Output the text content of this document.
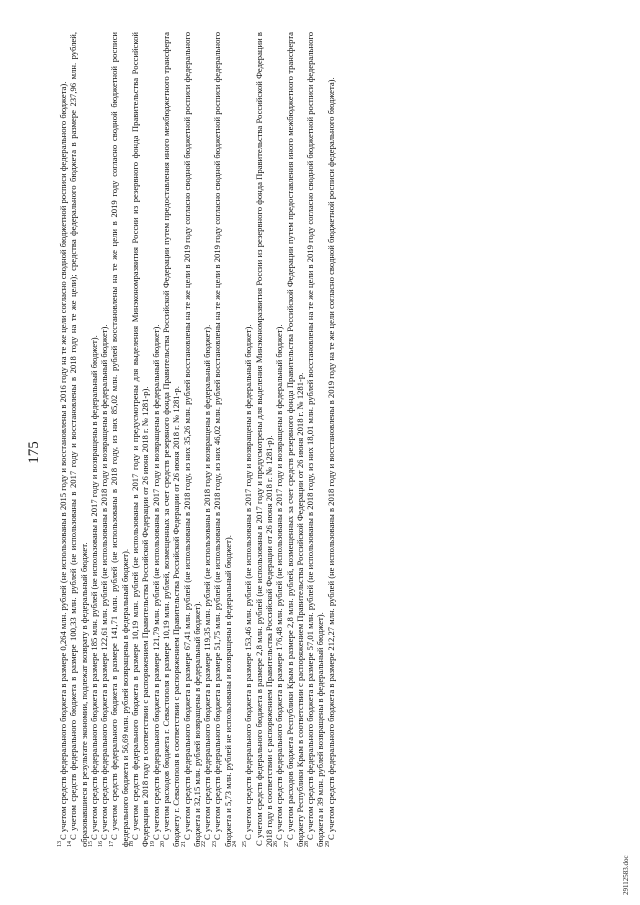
175

$^{13}$С учетом средств федерального бюджета в размере 0,264 млн. рублей (не использованы в 2015 году и восстановлены в 2016 году на те же цели согласно сводной бюджетной росписи федерального бюджета).

$^{14}$С учетом средств федерального бюджета в размере 100,33 млн. рублей (не использованы в 2017 году и восстановлены в 2018 году на те же цели); средства федерального бюджета в размере 237,96 млн. рублей, образовавшиеся в результате экономии, подлежат возврату в федеральный бюджет. $^{15}$С учетом средств федерального бюджета в размере 185 млн. рублей (не использованы в 2017 году и возвращены в федеральный бюджет).

$^{16}$С учетом средств федерального бюджета в размере 122,61 млн. рублей (не использованы в 2018 году и возвращены в федеральный бюджет).

$^{17}$С учетом средств федерального бюджета в размере 141,71 млн. рублей (не использованы в 2018 году, из них 85,02 млн. рублей восстановлены на те же цели в 2019 году согласно сводной бюджетной росписи федерального бюджета и 56,69 млн. рублей возвращены в федеральный бюджет). $^{18}$С учетом средств федерального бюджета в размере 10,19 млн. рублей (не использованы в 2017 году и предусмотрены для выделения Минэкономразвития России из резервного фонда Правительства Российской Федерации в 2018 году в соответствии с распоряжением Правительства Российской Федерации от 26 июня 2018 г. № 1281-р). $^{19}$С учетом средств федерального бюджета в размере 121,79 млн. рублей (не использованы в 2017 году и возвращены в федеральный бюджет).

$^{20}$С учетом расходов бюджета г. Севастополя в размере 10,19 млн. рублей, возмещенных за счет средств резервного фонда Правительства Российской Федерации путем предоставления иного межбюджетного трансферта бюджету г. Севастополя в соответствии с распоряжением Правительства Российской Федерации от 26 июня 2018 г. № 1281-р. $^{21}$С учетом средств федерального бюджета в размере 67,41 млн. рублей (не использованы в 2018 году, из них 35,26 млн. рублей восстановлены на те же цели в 2019 году согласно сводной бюджетной росписи федерального бюджета и 32,15 млн. рублей возвращены в федеральный бюджет). $^{22}$С учетом средств федерального бюджета в размере 119,35 млн. рублей (не использованы в 2018 году и возвращены в федеральный бюджет).

$^{23}$С учетом средств федерального бюджета в размере 51,75 млн. рублей (не использованы в 2018 году, из них 46,02 млн. рублей восстановлены на те же цели в 2019 году согласно сводной бюджетной росписи федерального бюджета и 5,73 млн. рублей не использованы и возвращены в федеральный бюджет). $^{24}$ $^{25}$С учетом средств федерального бюджета в размере 153,46 млн. рублей (не использованы в 2017 году и возвращены в федеральный бюджет). С учетом средств федерального бюджета в размере 2,8 млн. рублей (не использованы в 2017 году и предусмотрены для выделения Минэкономразвития России из резервного фонда Правительства Российской Федерации в 2018 году в соответствии с распоряжением Правительства Российской Федерации от 26 июня 2018 г. № 1281-р). $^{26}$С учетом средств федерального бюджета в размере 176,48 млн. рублей (не использованы в 2017 году и возвращены в федеральный бюджет).

$^{27}$С учетом расходов бюджета Республики Крым в размере 2,8 млн. рублей, возмещенных за счет средств резервного фонда Правительства Российской Федерации путем предоставления иного межбюджетного трансферта бюджету Республики Крым в соответствии с распоряжением Правительства Российской Федерации от 26 июня 2018 г. № 1281-р. $^{28}$С учетом средств федерального бюджета в размере 57,01 млн. рублей (не использованы в 2018 году, из них 18,01 млн. рублей восстановлены на те же цели в 2019 году согласно сводной бюджетной росписи федерального бюджета и 39 млн. рублей возвращены в федеральный бюджет). $^{29}$С учетом средств федерального бюджета в размере 212,27 млн. рублей (не использованы в 2018 году и восстановлены в 2019 году на те же цели согласно сводной бюджетной росписи федерального бюджета).

29112583.doc
